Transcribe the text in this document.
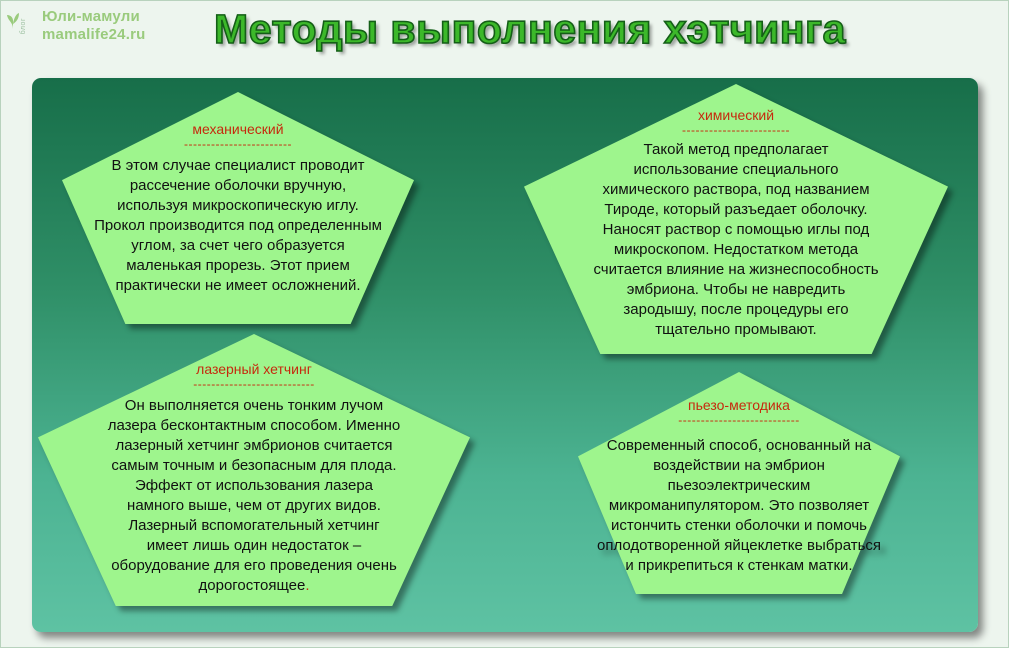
блог
Юли-мамули
mamalife24.ru	Методы выполнения хэтчинга
механический
------------------------
В этом случае специалист проводит
рассечение оболочки вручную,
используя микроскопическую иглу.
Прокол производится под определенным
углом, за счет чего образуется
маленькая прорезь. Этот прием
практически не имеет осложнений.
химический
------------------------
Такой метод предполагает
использование специального
химического раствора, под названием
Тироде, который разъедает оболочку.
Наносят раствор с помощью иглы под
микроскопом. Недостатком метода
считается влияние на жизнеспособность
эмбриона. Чтобы не навредить
зародышу, после процедуры его
тщательно промывают.
лазерный хетчинг
---------------------------
Он выполняется очень тонким лучом
лазера бесконтактным способом. Именно
лазерный хетчинг эмбрионов считается
самым точным и безопасным для плода.
Эффект от использования лазера
намного выше, чем от других видов.
Лазерный вспомогательный хетчинг
имеет лишь один недостаток –
оборудование для его проведения очень
дорогостоящее.
пьезо-методика
---------------------------
Современный способ, основанный на
воздействии на эмбрион
пьезоэлектрическим
микроманипулятором. Это позволяет
истончить стенки оболочки и помочь
оплодотворенной яйцеклетке выбраться
и прикрепиться к стенкам матки.
